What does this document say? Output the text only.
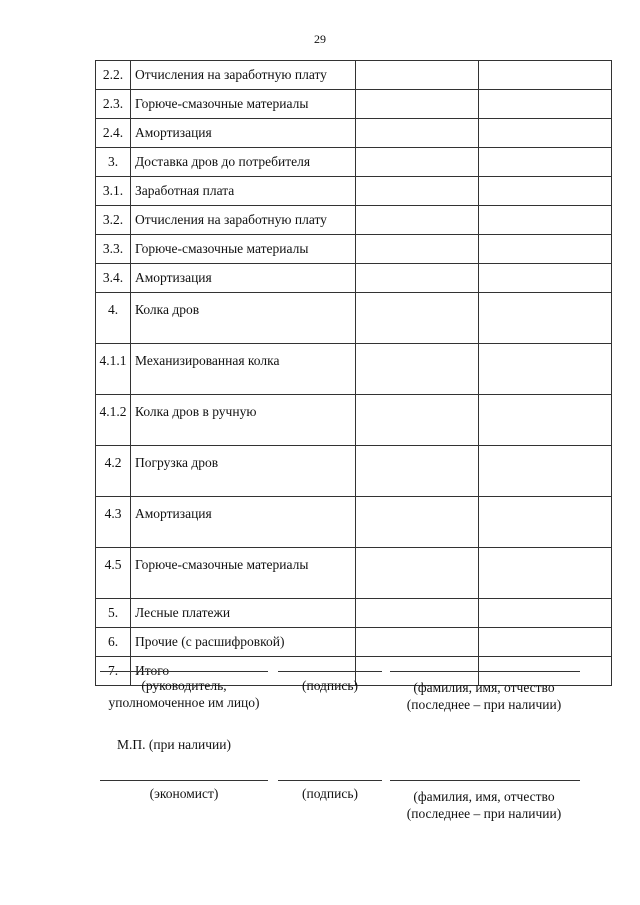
29
2.2.	Отчисления на заработную плату		
2.3.	Горюче-смазочные материалы		
2.4.	Амортизация		
3.	Доставка дров до потребителя		
3.1.	Заработная плата		
3.2.	Отчисления на заработную плату		
3.3.	Горюче-смазочные материалы		
3.4.	Амортизация		
4.	Колка дров		
4.1.1	Механизированная колка		
4.1.2	Колка дров в ручную		
4.2	Погрузка дров		
4.3	Амортизация		
4.5	Горюче-смазочные материалы		
5.	Лесные платежи		
6.	Прочие (с расшифровкой)		
7.	Итого		
(руководитель,
уполномоченное им лицо)
(подпись)	(фамилия, имя, отчество
(последнее – при наличии)
М.П. (при наличии)
(экономист)	(подпись)	(фамилия, имя, отчество
(последнее – при наличии)
